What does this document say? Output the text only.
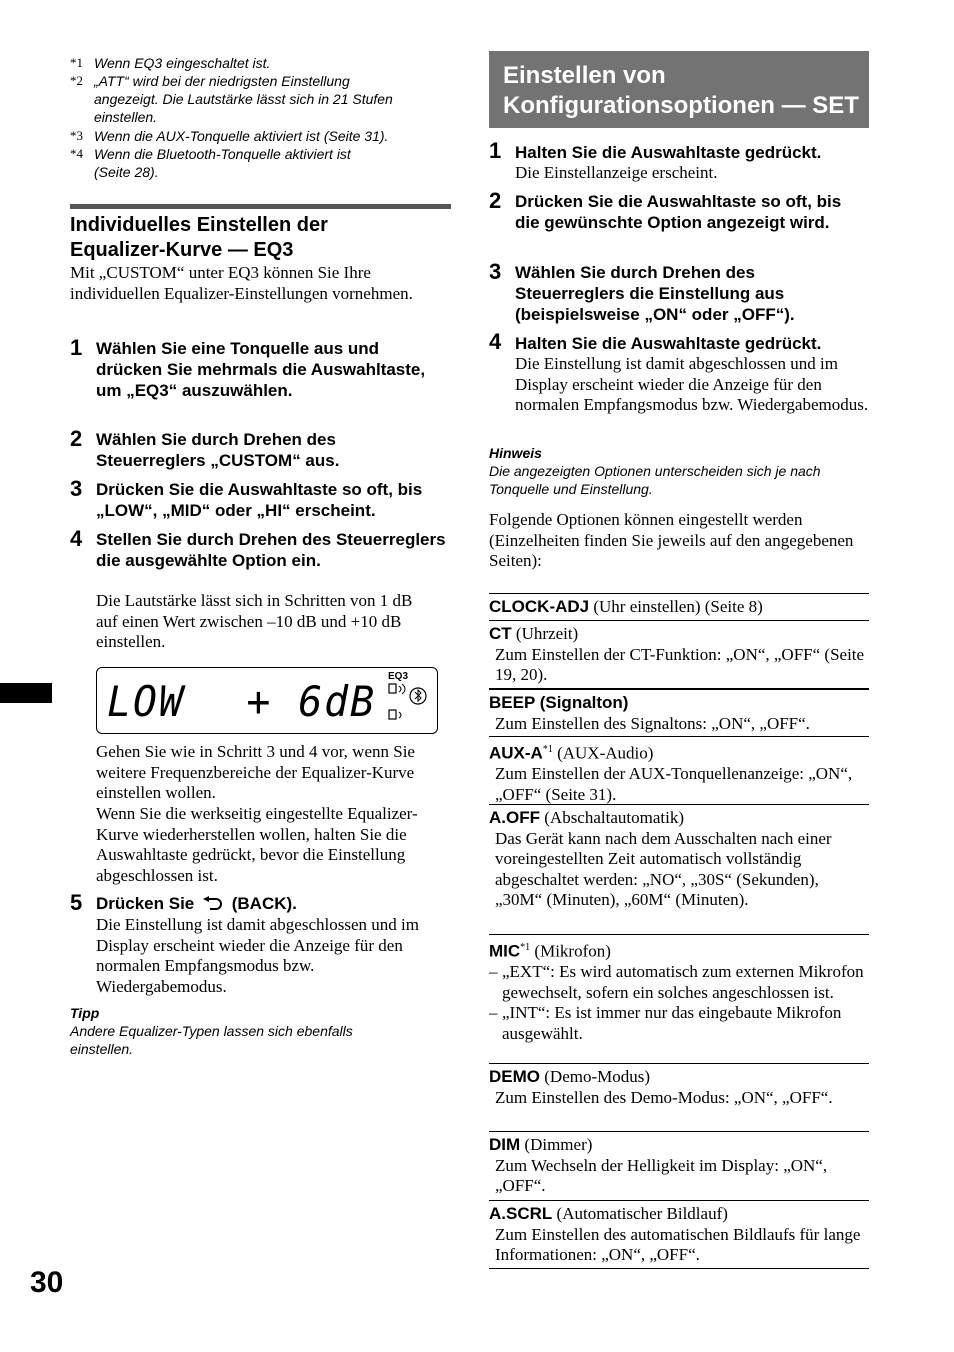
*1 Wenn EQ3 eingeschaltet ist.
*2 „ATT“ wird bei der niedrigsten Einstellung
angezeigt. Die Lautstärke lässt sich in 21 Stufen
einstellen.
*3 Wenn die AUX-Tonquelle aktiviert ist (Seite 31).
*4 Wenn die Bluetooth-Tonquelle aktiviert ist
(Seite 28).
Individuelles Einstellen der Equalizer-Kurve — EQ3
Mit „CUSTOM“ unter EQ3 können Sie Ihre individuellen Equalizer-Einstellungen vornehmen.
1 Wählen Sie eine Tonquelle aus und drücken Sie mehrmals die Auswahltaste, um „EQ3“ auszuwählen.
2 Wählen Sie durch Drehen des Steuerreglers „CUSTOM“ aus.
3 Drücken Sie die Auswahltaste so oft, bis „LOW“, „MID“ oder „HI“ erscheint.
4 Stellen Sie durch Drehen des Steuerreglers die ausgewählte Option ein.
Die Lautstärke lässt sich in Schritten von 1 dB auf einen Wert zwischen –10 dB und +10 dB einstellen.
LOW + 6dB
EQ3
Gehen Sie wie in Schritt 3 und 4 vor, wenn Sie weitere Frequenzbereiche der Equalizer-Kurve einstellen wollen.
Wenn Sie die werkseitig eingestellte Equalizer-Kurve wiederherstellen wollen, halten Sie die Auswahltaste gedrückt, bevor die Einstellung abgeschlossen ist.
5 Drücken Sie (BACK).
Die Einstellung ist damit abgeschlossen und im Display erscheint wieder die Anzeige für den normalen Empfangsmodus bzw. Wiedergabemodus.
Tipp
Andere Equalizer-Typen lassen sich ebenfalls einstellen.
30
Einstellen von Konfigurationsoptionen — SET
1 Halten Sie die Auswahltaste gedrückt.
Die Einstellanzeige erscheint.
2 Drücken Sie die Auswahltaste so oft, bis die gewünschte Option angezeigt wird.
3 Wählen Sie durch Drehen des Steuerreglers die Einstellung aus (beispielsweise „ON“ oder „OFF“).
4 Halten Sie die Auswahltaste gedrückt.
Die Einstellung ist damit abgeschlossen und im Display erscheint wieder die Anzeige für den normalen Empfangsmodus bzw. Wiedergabemodus.
Hinweis
Die angezeigten Optionen unterscheiden sich je nach Tonquelle und Einstellung.
Folgende Optionen können eingestellt werden (Einzelheiten finden Sie jeweils auf den angegebenen Seiten):
CLOCK-ADJ (Uhr einstellen) (Seite 8)
CT (Uhrzeit)
Zum Einstellen der CT-Funktion: „ON“, „OFF“ (Seite 19, 20).
BEEP (Signalton)
Zum Einstellen des Signaltons: „ON“, „OFF“.
AUX-$A^{*1}$ (AUX-Audio)
Zum Einstellen der AUX-Tonquellenanzeige: „ON“, „OFF“ (Seite 31).
A.OFF (Abschaltautomatik)
Das Gerät kann nach dem Ausschalten nach einer voreingestellten Zeit automatisch vollständig abgeschaltet werden: „NO“, „30S“ (Sekunden), „30M“ (Minuten), „60M“ (Minuten).
MIC$^{*1}$ (Mikrofon)
– „EXT“: Es wird automatisch zum externen Mikrofon gewechselt, sofern ein solches angeschlossen ist.
– „INT“: Es ist immer nur das eingebaute Mikrofon ausgewählt.
DEMO (Demo-Modus)
Zum Einstellen des Demo-Modus: „ON“, „OFF“.
DIM (Dimmer)
Zum Wechseln der Helligkeit im Display: „ON“, „OFF“.
A.SCRL (Automatischer Bildlauf)
Zum Einstellen des automatischen Bildlaufs für lange Informationen: „ON“, „OFF“.
